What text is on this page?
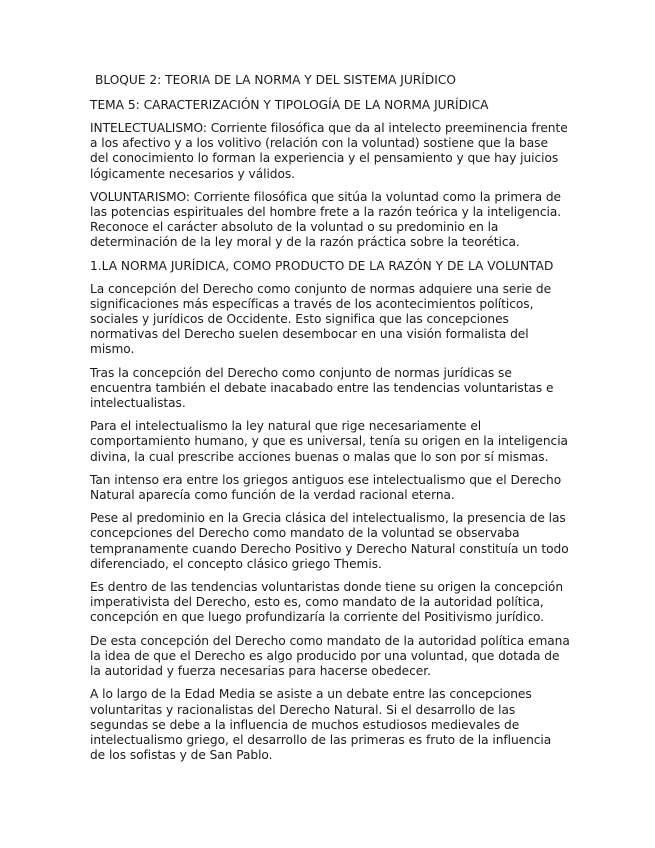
BLOQUE 2: TEORIA DE LA NORMA Y DEL SISTEMA JURÍDICO
TEMA 5: CARACTERIZACIÓN Y TIPOLOGÍA DE LA NORMA JURÍDICA

INTELECTUALISMO: Corriente filosófica que da al intelecto preeminencia frente a los afectivo y a los volitivo (relación con la voluntad) sostiene que la base del conocimiento lo forman la experiencia y el pensamiento y que hay juicios lógicamente necesarios y válidos.

VOLUNTARISMO: Corriente filosófica que sitúa la voluntad como la primera de las potencias espirituales del hombre frete a la razón teórica y la inteligencia. Reconoce el carácter absoluto de la voluntad o su predominio en la determinación de la ley moral y de la razón práctica sobre la teorética.

1.LA NORMA JURÍDICA, COMO PRODUCTO DE LA RAZÓN Y DE LA VOLUNTAD

La concepción del Derecho como conjunto de normas adquiere una serie de significaciones más específicas a través de los acontecimientos políticos, sociales y jurídicos de Occidente. Esto significa que las concepciones normativas del Derecho suelen desembocar en una visión formalista del mismo.

Tras la concepción del Derecho como conjunto de normas jurídicas se encuentra también el debate inacabado entre las tendencias voluntaristas e intelectualistas.

Para el intelectualismo la ley natural que rige necesariamente el comportamiento humano, y que es universal, tenía su origen en la inteligencia divina, la cual prescribe acciones buenas o malas que lo son por sí mismas.

Tan intenso era entre los griegos antiguos ese intelectualismo que el Derecho Natural aparecía como función de la verdad racional eterna.

Pese al predominio en la Grecia clásica del intelectualismo, la presencia de las concepciones del Derecho como mandato de la voluntad se observaba tempranamente cuando Derecho Positivo y Derecho Natural constituía un todo diferenciado, el concepto clásico griego Themis.

Es dentro de las tendencias voluntaristas donde tiene su origen la concepción imperativista del Derecho, esto es, como mandato de la autoridad política, concepción en que luego profundizaría la corriente del Positivismo jurídico.

De esta concepción del Derecho como mandato de la autoridad política emana la idea de que el Derecho es algo producido por una voluntad, que dotada de la autoridad y fuerza necesarias para hacerse obedecer.

A lo largo de la Edad Media se asiste a un debate entre las concepciones voluntaritas y racionalistas del Derecho Natural. Si el desarrollo de las segundas se debe a la influencia de muchos estudiosos medievales de intelectualismo griego, el desarrollo de las primeras es fruto de la influencia de los sofistas y de San Pablo.
